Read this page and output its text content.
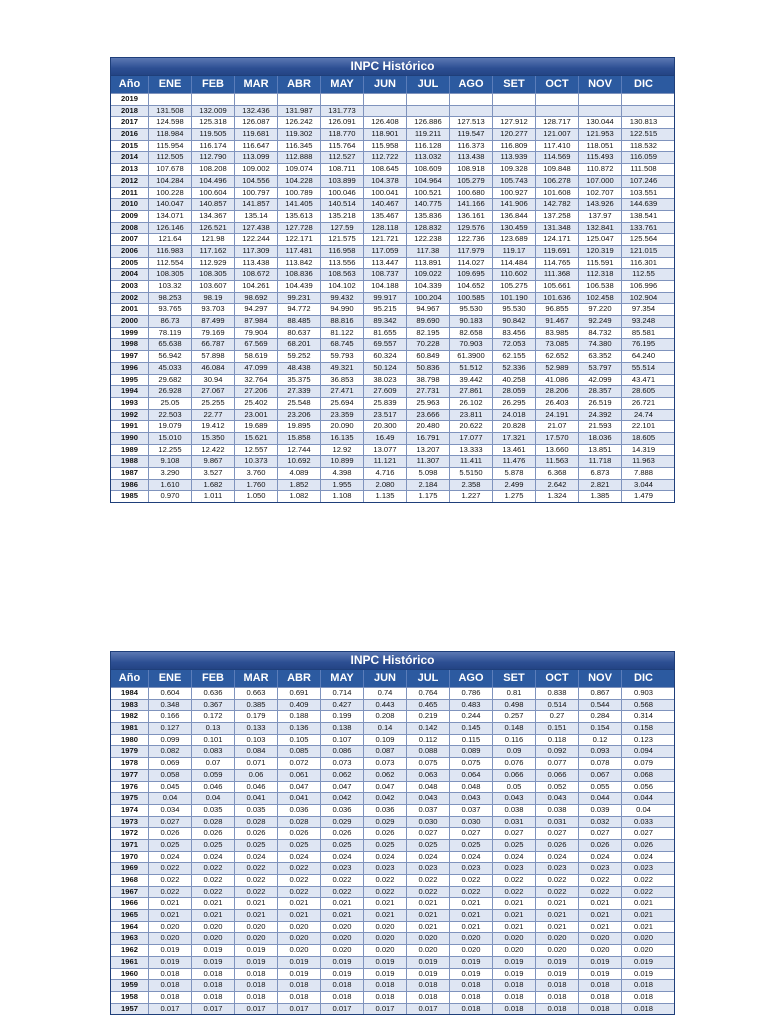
INPC Histórico
Año	ENE	FEB	MAR	ABR	MAY	JUN	JUL	AGO	SET	OCT	NOV	DIC
2019
2018	131.508	132.009	132.436	131.987	131.773
2017	124.598	125.318	126.087	126.242	126.091	126.408	126.886	127.513	127.912	128.717	130.044	130.813
2016	118.984	119.505	119.681	119.302	118.770	118.901	119.211	119.547	120.277	121.007	121.953	122.515
2015	115.954	116.174	116.647	116.345	115.764	115.958	116.128	116.373	116.809	117.410	118.051	118.532
2014	112.505	112.790	113.099	112.888	112.527	112.722	113.032	113.438	113.939	114.569	115.493	116.059
2013	107.678	108.208	109.002	109.074	108.711	108.645	108.609	108.918	109.328	109.848	110.872	111.508
2012	104.284	104.496	104.556	104.228	103.899	104.378	104.964	105.279	105.743	106.278	107.000	107.246
2011	100.228	100.604	100.797	100.789	100.046	100.041	100.521	100.680	100.927	101.608	102.707	103.551
2010	140.047	140.857	141.857	141.405	140.514	140.467	140.775	141.166	141.906	142.782	143.926	144.639
2009	134.071	134.367	135.14	135.613	135.218	135.467	135.836	136.161	136.844	137.258	137.97	138.541
2008	126.146	126.521	127.438	127.728	127.59	128.118	128.832	129.576	130.459	131.348	132.841	133.761
2007	121.64	121.98	122.244	122.171	121.575	121.721	122.238	122.736	123.689	124.171	125.047	125.564
2006	116.983	117.162	117.309	117.481	116.958	117.059	117.38	117.979	119.17	119.691	120.319	121.015
2005	112.554	112.929	113.438	113.842	113.556	113.447	113.891	114.027	114.484	114.765	115.591	116.301
2004	108.305	108.305	108.672	108.836	108.563	108.737	109.022	109.695	110.602	111.368	112.318	112.55
2003	103.32	103.607	104.261	104.439	104.102	104.188	104.339	104.652	105.275	105.661	106.538	106.996
2002	98.253	98.19	98.692	99.231	99.432	99.917	100.204	100.585	101.190	101.636	102.458	102.904
2001	93.765	93.703	94.297	94.772	94.990	95.215	94.967	95.530	95.530	96.855	97.220	97.354
2000	86.73	87.499	87.984	88.485	88.816	89.342	89.690	90.183	90.842	91.467	92.249	93.248
1999	78.119	79.169	79.904	80.637	81.122	81.655	82.195	82.658	83.456	83.985	84.732	85.581
1998	65.638	66.787	67.569	68.201	68.745	69.557	70.228	70.903	72.053	73.085	74.380	76.195
1997	56.942	57.898	58.619	59.252	59.793	60.324	60.849	61.3900	62.155	62.652	63.352	64.240
1996	45.033	46.084	47.099	48.438	49.321	50.124	50.836	51.512	52.336	52.989	53.797	55.514
1995	29.682	30.94	32.764	35.375	36.853	38.023	38.798	39.442	40.258	41.086	42.099	43.471
1994	26.928	27.067	27.206	27.339	27.471	27.609	27.731	27.861	28.059	28.206	28.357	28.605
1993	25.05	25.255	25.402	25.548	25.694	25.839	25.963	26.102	26.295	26.403	26.519	26.721
1992	22.503	22.77	23.001	23.206	23.359	23.517	23.666	23.811	24.018	24.191	24.392	24.74
1991	19.079	19.412	19.689	19.895	20.090	20.300	20.480	20.622	20.828	21.07	21.593	22.101
1990	15.010	15.350	15.621	15.858	16.135	16.49	16.791	17.077	17.321	17.570	18.036	18.605
1989	12.255	12.422	12.557	12.744	12.92	13.077	13.207	13.333	13.461	13.660	13.851	14.319
1988	9.108	9.867	10.373	10.692	10.899	11.121	11.307	11.411	11.476	11.563	11.718	11.963
1987	3.290	3.527	3.760	4.089	4.398	4.716	5.098	5.5150	5.878	6.368	6.873	7.888
1986	1.610	1.682	1.760	1.852	1.955	2.080	2.184	2.358	2.499	2.642	2.821	3.044
1985	0.970	1.011	1.050	1.082	1.108	1.135	1.175	1.227	1.275	1.324	1.385	1.479
INPC Histórico
Año	ENE	FEB	MAR	ABR	MAY	JUN	JUL	AGO	SET	OCT	NOV	DIC
1984	0.604	0.636	0.663	0.691	0.714	0.74	0.764	0.786	0.81	0.838	0.867	0.903
1983	0.348	0.367	0.385	0.409	0.427	0.443	0.465	0.483	0.498	0.514	0.544	0.568
1982	0.166	0.172	0.179	0.188	0.199	0.208	0.219	0.244	0.257	0.27	0.284	0.314
1981	0.127	0.13	0.133	0.136	0.138	0.14	0.142	0.145	0.148	0.151	0.154	0.158
1980	0.099	0.101	0.103	0.105	0.107	0.109	0.112	0.115	0.116	0.118	0.12	0.123
1979	0.082	0.083	0.084	0.085	0.086	0.087	0.088	0.089	0.09	0.092	0.093	0.094
1978	0.069	0.07	0.071	0.072	0.073	0.073	0.075	0.075	0.076	0.077	0.078	0.079
1977	0.058	0.059	0.06	0.061	0.062	0.062	0.063	0.064	0.066	0.066	0.067	0.068
1976	0.045	0.046	0.046	0.047	0.047	0.047	0.048	0.048	0.05	0.052	0.055	0.056
1975	0.04	0.04	0.041	0.041	0.042	0.042	0.043	0.043	0.043	0.043	0.044	0.044
1974	0.034	0.035	0.035	0.036	0.036	0.036	0.037	0.037	0.038	0.038	0.039	0.04
1973	0.027	0.028	0.028	0.028	0.029	0.029	0.030	0.030	0.031	0.031	0.032	0.033
1972	0.026	0.026	0.026	0.026	0.026	0.026	0.027	0.027	0.027	0.027	0.027	0.027
1971	0.025	0.025	0.025	0.025	0.025	0.025	0.025	0.025	0.025	0.026	0.026	0.026
1970	0.024	0.024	0.024	0.024	0.024	0.024	0.024	0.024	0.024	0.024	0.024	0.024
1969	0.022	0.022	0.022	0.022	0.023	0.023	0.023	0.023	0.023	0.023	0.023	0.023
1968	0.022	0.022	0.022	0.022	0.022	0.022	0.022	0.022	0.022	0.022	0.022	0.022
1967	0.022	0.022	0.022	0.022	0.022	0.022	0.022	0.022	0.022	0.022	0.022	0.022
1966	0.021	0.021	0.021	0.021	0.021	0.021	0.021	0.021	0.021	0.021	0.021	0.021
1965	0.021	0.021	0.021	0.021	0.021	0.021	0.021	0.021	0.021	0.021	0.021	0.021
1964	0.020	0.020	0.020	0.020	0.020	0.020	0.021	0.021	0.021	0.021	0.021	0.021
1963	0.020	0.020	0.020	0.020	0.020	0.020	0.020	0.020	0.020	0.020	0.020	0.020
1962	0.019	0.019	0.019	0.020	0.020	0.020	0.020	0.020	0.020	0.020	0.020	0.020
1961	0.019	0.019	0.019	0.019	0.019	0.019	0.019	0.019	0.019	0.019	0.019	0.019
1960	0.018	0.018	0.018	0.019	0.019	0.019	0.019	0.019	0.019	0.019	0.019	0.019
1959	0.018	0.018	0.018	0.018	0.018	0.018	0.018	0.018	0.018	0.018	0.018	0.018
1958	0.018	0.018	0.018	0.018	0.018	0.018	0.018	0.018	0.018	0.018	0.018	0.018
1957	0.017	0.017	0.017	0.017	0.017	0.017	0.017	0.018	0.018	0.018	0.018	0.018
